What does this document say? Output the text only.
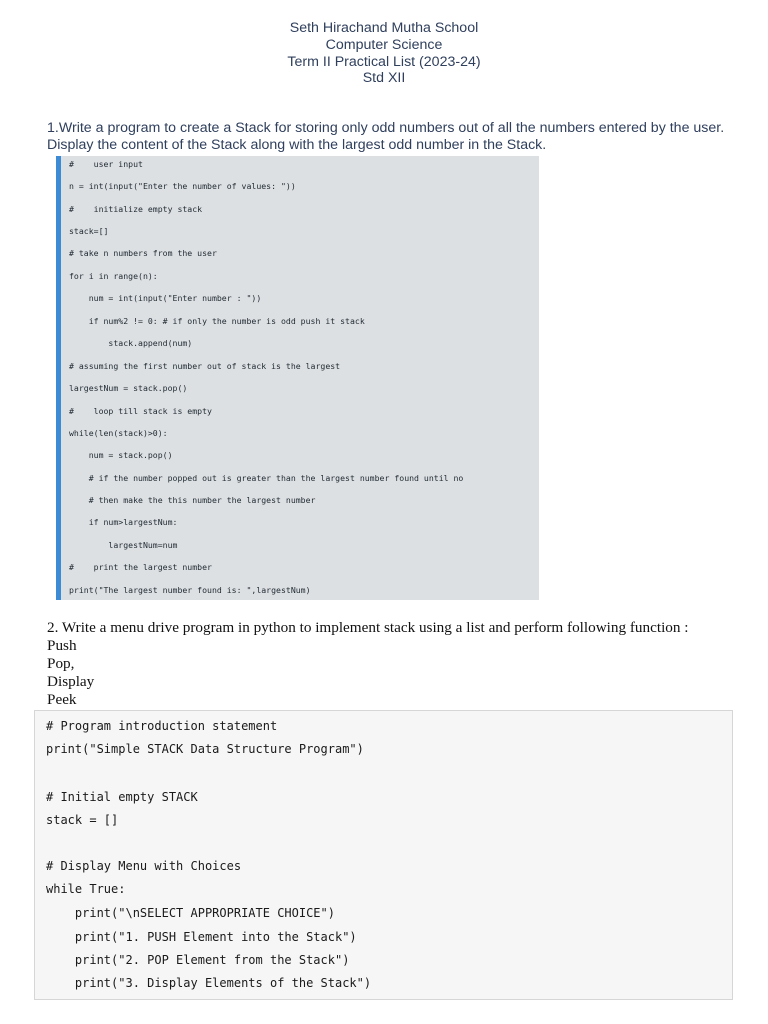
Seth Hirachand Mutha School
Computer Science
Term II Practical List (2023-24)
Std XII
1.Write a program to create a Stack for storing only odd numbers out of all the numbers entered by the user. Display the content of the Stack along with the largest odd number in the Stack.
#    user input
n = int(input("Enter the number of values: "))
#    initialize empty stack
stack=[]
# take n numbers from the user
for i in range(n):
num = int(input("Enter number : "))
if num%2 != 0: # if only the number is odd push it stack
stack.append(num)
# assuming the first number out of stack is the largest
largestNum = stack.pop()
#    loop till stack is empty
while(len(stack)>0):
num = stack.pop()
# if the number popped out is greater than the largest number found until no
# then make the this number the largest number
if num>largestNum:
largestNum=num
#    print the largest number
print("The largest number found is: ",largestNum)
2. Write a menu drive program in python to implement stack using a list and perform following function :
Push
Pop,
Display
Peek
# Program introduction statement
print("Simple STACK Data Structure Program")
# Initial empty STACK
stack = []
# Display Menu with Choices
while True:
print("\nSELECT APPROPRIATE CHOICE")
print("1. PUSH Element into the Stack")
print("2. POP Element from the Stack")
print("3. Display Elements of the Stack")
